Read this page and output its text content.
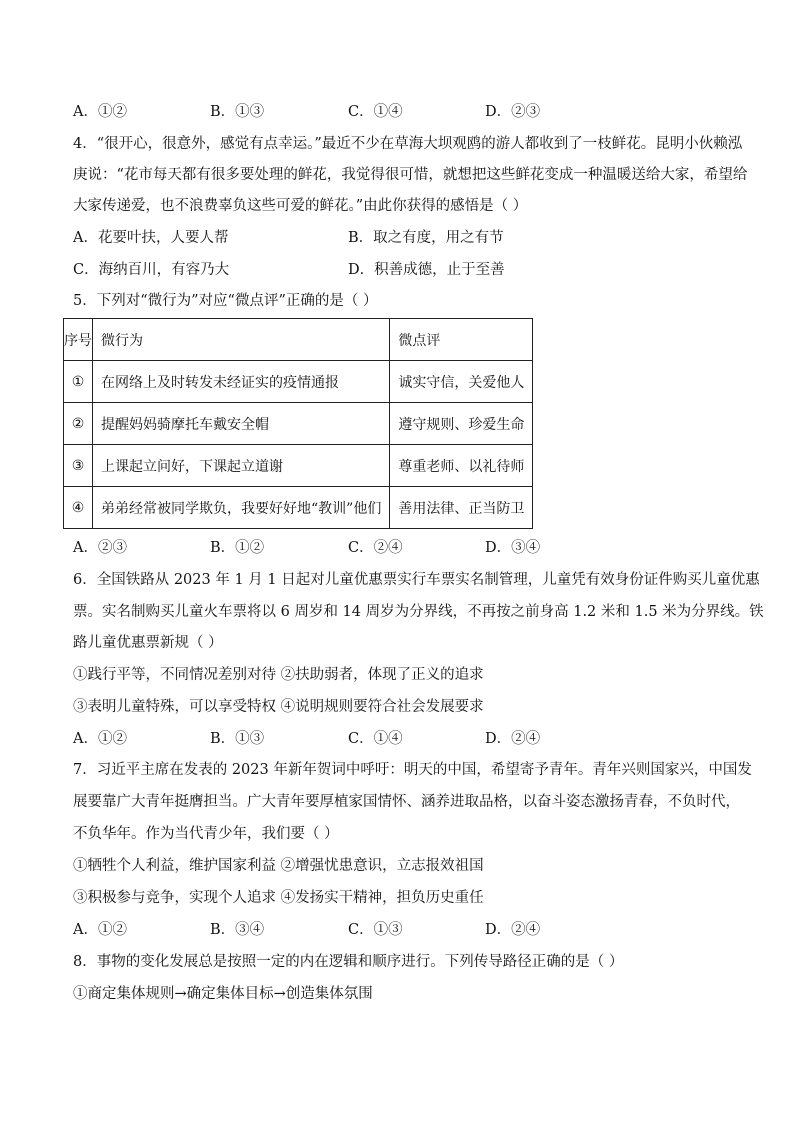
A．①②	B．①③	C．①④	D．②③
4．“很开心，很意外，感觉有点幸运。”最近不少在草海大坝观鸥的游人都收到了一枝鲜花。昆明小伙赖泓
庚说：“花市每天都有很多要处理的鲜花，我觉得很可惜，就想把这些鲜花变成一种温暖送给大家，希望给
大家传递爱，也不浪费辜负这些可爱的鲜花。”由此你获得的感悟是（ ）
A．花要叶扶，人要人帮	B．取之有度，用之有节
C．海纳百川，有容乃大	D．积善成德，止于至善
5．下列对“微行为”对应“微点评”正确的是（ ）
序号	微行为	微点评
①	在网络上及时转发未经证实的疫情通报	诚实守信，关爱他人
②	提醒妈妈骑摩托车戴安全帽	遵守规则、珍爱生命
③	上课起立问好，下课起立道谢	尊重老师、以礼待师
④	弟弟经常被同学欺负，我要好好地“教训”他们	善用法律、正当防卫
A．②③	B．①②	C．②④	D．③④
6．全国铁路从 2023 年 1 月 1 日起对儿童优惠票实行车票实名制管理，儿童凭有效身份证件购买儿童优惠
票。实名制购买儿童火车票将以 6 周岁和 14 周岁为分界线，不再按之前身高 1.2 米和 1.5 米为分界线。铁
路儿童优惠票新规（ ）
①践行平等，不同情况差别对待 ②扶助弱者，体现了正义的追求
③表明儿童特殊，可以享受特权 ④说明规则要符合社会发展要求
A．①②	B．①③	C．①④	D．②④
7．习近平主席在发表的 2023 年新年贺词中呼吁：明天的中国，希望寄予青年。青年兴则国家兴，中国发
展要靠广大青年挺膺担当。广大青年要厚植家国情怀、涵养进取品格，以奋斗姿态激扬青春，不负时代，
不负华年。作为当代青少年，我们要（ ）
①牺牲个人利益，维护国家利益 ②增强忧患意识，立志报效祖国
③积极参与竞争，实现个人追求 ④发扬实干精神，担负历史重任
A．①②	B．③④	C．①③	D．②④
8．事物的变化发展总是按照一定的内在逻辑和顺序进行。下列传导路径正确的是（ ）
①商定集体规则→确定集体目标→创造集体氛围
